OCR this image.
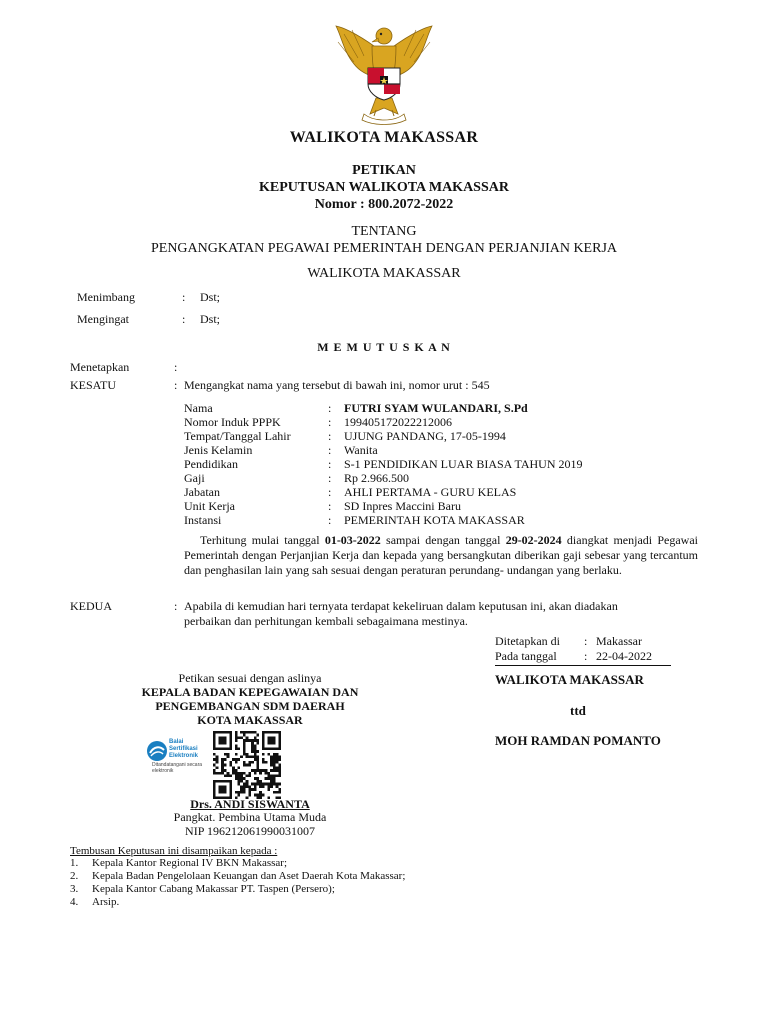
WALIKOTA MAKASSAR
PETIKAN
KEPUTUSAN WALIKOTA MAKASSAR
Nomor : 800.2072-2022
TENTANG
PENGANGKATAN PEGAWAI PEMERINTAH DENGAN PERJANJIAN KERJA
WALIKOTA MAKASSAR
Menimbang	: Dst;
Mengingat	: Dst;
M E M U T U S K A N
Menetapkan	:
KESATU	: Mengangkat nama yang tersebut di bawah ini, nomor urut : 545
Nama	: FUTRI SYAM WULANDARI, S.Pd
Nomor Induk PPPK	: 199405172022212006
Tempat/Tanggal Lahir	: UJUNG PANDANG, 17-05-1994
Jenis Kelamin	: Wanita
Pendidikan	: S-1 PENDIDIKAN LUAR BIASA TAHUN 2019
Gaji	: Rp 2.966.500
Jabatan	: AHLI PERTAMA - GURU KELAS
Unit Kerja	: SD Inpres Maccini Baru
Instansi	: PEMERINTAH KOTA MAKASSAR
Terhitung mulai tanggal 01-03-2022 sampai dengan tanggal 29-02-2024 diangkat menjadi Pegawai Pemerintah dengan Perjanjian Kerja dan kepada yang bersangkutan diberikan gaji sebesar yang tercantum dan penghasilan lain yang sah sesuai dengan peraturan perundang- undangan yang berlaku.
KEDUA	: Apabila di kemudian hari ternyata terdapat kekeliruan dalam keputusan ini, akan diadakan
perbaikan dan perhitungan kembali sebagaimana mestinya.
Ditetapkan di : Makassar
Pada tanggal : 22-04-2022
WALIKOTA MAKASSAR
ttd
MOH RAMDAN POMANTO
Petikan sesuai dengan aslinya
KEPALA BADAN KEPEGAWAIAN DAN
PENGEMBANGAN SDM DAERAH
KOTA MAKASSAR
Balai
Sertifikasi
Elektronik
Ditandatangani secara elektronik
Drs. ANDI SISWANTA
Pangkat. Pembina Utama Muda
NIP 196212061990031007
Tembusan Keputusan ini disampaikan kepada :
1. Kepala Kantor Regional IV BKN Makassar;
2. Kepala Badan Pengelolaan Keuangan dan Aset Daerah Kota Makassar;
3. Kepala Kantor Cabang Makassar PT. Taspen (Persero);
4. Arsip.
